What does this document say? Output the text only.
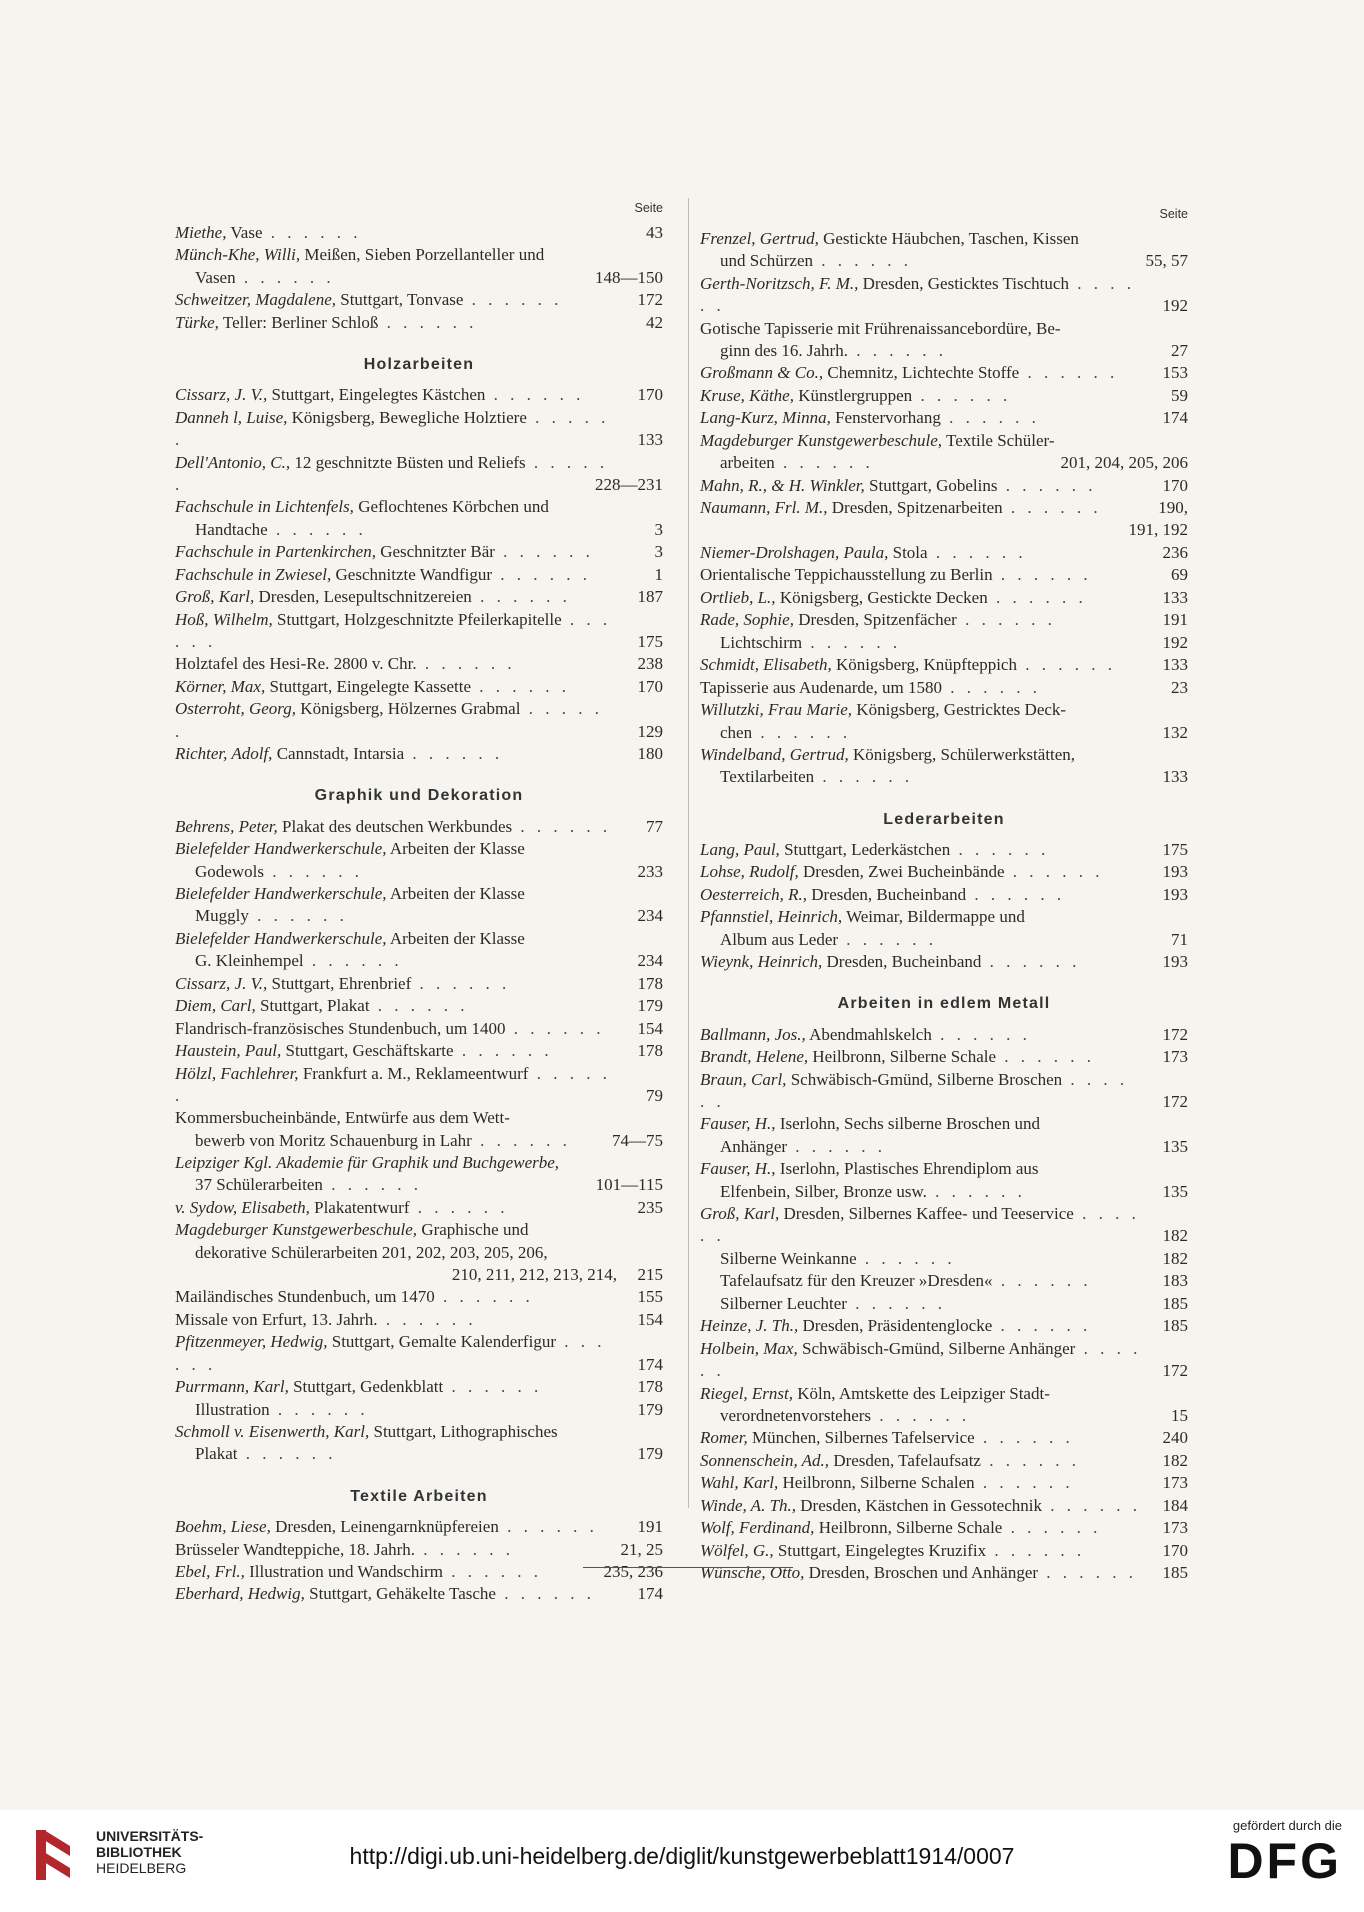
Seite
Miethe, Vase . . . . . .	43
Münch-Khe, Willi, Meißen, Sieben Porzellanteller und
Vasen . . . . . .	148—150
Schweitzer, Magdalene, Stuttgart, Tonvase . . . . . .	172
Türke, Teller: Berliner Schloß . . . . . .	42
Holzarbeiten
Cissarz, J. V., Stuttgart, Eingelegtes Kästchen . . . . . .	170
Danneh l, Luise, Königsberg, Bewegliche Holztiere . . . . . .	133
Dell'Antonio, C., 12 geschnitzte Büsten und Reliefs . . . . . .	228—231
Fachschule in Lichtenfels, Geflochtenes Körbchen und
Handtache . . . . . .	3
Fachschule in Partenkirchen, Geschnitzter Bär . . . . . .	3
Fachschule in Zwiesel, Geschnitzte Wandfigur . . . . . .	1
Groß, Karl, Dresden, Lesepultschnitzereien . . . . . .	187
Hoß, Wilhelm, Stuttgart, Holzgeschnitzte Pfeilerkapitelle . . . . . .	175
Holztafel des Hesi-Re. 2800 v. Chr. . . . . . .	238
Körner, Max, Stuttgart, Eingelegte Kassette . . . . . .	170
Osterroht, Georg, Königsberg, Hölzernes Grabmal . . . . . .	129
Richter, Adolf, Cannstadt, Intarsia . . . . . .	180
Graphik und Dekoration
Behrens, Peter, Plakat des deutschen Werkbundes . . . . . .	77
Bielefelder Handwerkerschule, Arbeiten der Klasse
Godewols . . . . . .	233
Bielefelder Handwerkerschule, Arbeiten der Klasse
Muggly . . . . . .	234
Bielefelder Handwerkerschule, Arbeiten der Klasse
G. Kleinhempel . . . . . .	234
Cissarz, J. V., Stuttgart, Ehrenbrief . . . . . .	178
Diem, Carl, Stuttgart, Plakat . . . . . .	179
Flandrisch-französisches Stundenbuch, um 1400 . . . . . .	154
Haustein, Paul, Stuttgart, Geschäftskarte . . . . . .	178
Hölzl, Fachlehrer, Frankfurt a. M., Reklameentwurf . . . . . .	79
Kommersbucheinbände, Entwürfe aus dem Wett-
bewerb von Moritz Schauenburg in Lahr . . . . . .	74—75
Leipziger Kgl. Akademie für Graphik und Buchgewerbe,
37 Schülerarbeiten . . . . . .	101—115
v. Sydow, Elisabeth, Plakatentwurf . . . . . .	235
Magdeburger Kunstgewerbeschule, Graphische und
dekorative Schülerarbeiten 201, 202, 203, 205, 206,
210, 211, 212, 213, 214, 215
Mailändisches Stundenbuch, um 1470 . . . . . .	155
Missale von Erfurt, 13. Jahrh. . . . . . .	154
Pfitzenmeyer, Hedwig, Stuttgart, Gemalte Kalenderfigur . . . . . .	174
Purrmann, Karl, Stuttgart, Gedenkblatt . . . . . .	178
Illustration . . . . . .	179
Schmoll v. Eisenwerth, Karl, Stuttgart, Lithographisches
Plakat . . . . . .	179
Textile Arbeiten
Boehm, Liese, Dresden, Leinengarnknüpfereien . . . . . .	191
Brüsseler Wandteppiche, 18. Jahrh. . . . . . .	21, 25
Ebel, Frl., Illustration und Wandschirm . . . . . .	235, 236
Eberhard, Hedwig, Stuttgart, Gehäkelte Tasche . . . . . .	174
Seite
Frenzel, Gertrud, Gestickte Häubchen, Taschen, Kissen
und Schürzen . . . . . .	55, 57
Gerth-Noritzsch, F. M., Dresden, Gesticktes Tischtuch . . . . . .	192
Gotische Tapisserie mit Frührenaissancebordüre, Be-
ginn des 16. Jahrh. . . . . . .	27
Großmann & Co., Chemnitz, Lichtechte Stoffe . . . . . .	153
Kruse, Käthe, Künstlergruppen . . . . . .	59
Lang-Kurz, Minna, Fenstervorhang . . . . . .	174
Magdeburger Kunstgewerbeschule, Textile Schüler-
arbeiten . . . . . .	201, 204, 205, 206
Mahn, R., & H. Winkler, Stuttgart, Gobelins . . . . . .	170
Naumann, Frl. M., Dresden, Spitzenarbeiten . . . . . .	190,
191, 192
Niemer-Drolshagen, Paula, Stola . . . . . .	236
Orientalische Teppichausstellung zu Berlin . . . . . .	69
Ortlieb, L., Königsberg, Gestickte Decken . . . . . .	133
Rade, Sophie, Dresden, Spitzenfächer . . . . . .	191
Lichtschirm . . . . . .	192
Schmidt, Elisabeth, Königsberg, Knüpfteppich . . . . . .	133
Tapisserie aus Audenarde, um 1580 . . . . . .	23
Willutzki, Frau Marie, Königsberg, Gestricktes Deck-
chen . . . . . .	132
Windelband, Gertrud, Königsberg, Schülerwerkstätten,
Textilarbeiten . . . . . .	133
Lederarbeiten
Lang, Paul, Stuttgart, Lederkästchen . . . . . .	175
Lohse, Rudolf, Dresden, Zwei Bucheinbände . . . . . .	193
Oesterreich, R., Dresden, Bucheinband . . . . . .	193
Pfannstiel, Heinrich, Weimar, Bildermappe und
Album aus Leder . . . . . .	71
Wieynk, Heinrich, Dresden, Bucheinband . . . . . .	193
Arbeiten in edlem Metall
Ballmann, Jos., Abendmahlskelch . . . . . .	172
Brandt, Helene, Heilbronn, Silberne Schale . . . . . .	173
Braun, Carl, Schwäbisch-Gmünd, Silberne Broschen . . . . . .	172
Fauser, H., Iserlohn, Sechs silberne Broschen und
Anhänger . . . . . .	135
Fauser, H., Iserlohn, Plastisches Ehrendiplom aus
Elfenbein, Silber, Bronze usw. . . . . . .	135
Groß, Karl, Dresden, Silbernes Kaffee- und Teeservice . . . . . .	182
Silberne Weinkanne . . . . . .	182
Tafelaufsatz für den Kreuzer »Dresden« . . . . . .	183
Silberner Leuchter . . . . . .	185
Heinze, J. Th., Dresden, Präsidentenglocke . . . . . .	185
Holbein, Max, Schwäbisch-Gmünd, Silberne Anhänger . . . . . .	172
Riegel, Ernst, Köln, Amtskette des Leipziger Stadt-
verordnetenvorstehers . . . . . .	15
Romer, München, Silbernes Tafelservice . . . . . .	240
Sonnenschein, Ad., Dresden, Tafelaufsatz . . . . . .	182
Wahl, Karl, Heilbronn, Silberne Schalen . . . . . .	173
Winde, A. Th., Dresden, Kästchen in Gessotechnik . . . . . . 184
Wolf, Ferdinand, Heilbronn, Silberne Schale . . . . . .	173
Wölfel, G., Stuttgart, Eingelegtes Kruzifix . . . . . .	170
Wünsche, Otto, Dresden, Broschen und Anhänger . . . . . . 185
UNIVERSITÄTS-
BIBLIOTHEK
HEIDELBERG	http://digi.ub.uni-heidelberg.de/diglit/kunstgewerbeblatt1914/0007
gefördert durch die
DFG
